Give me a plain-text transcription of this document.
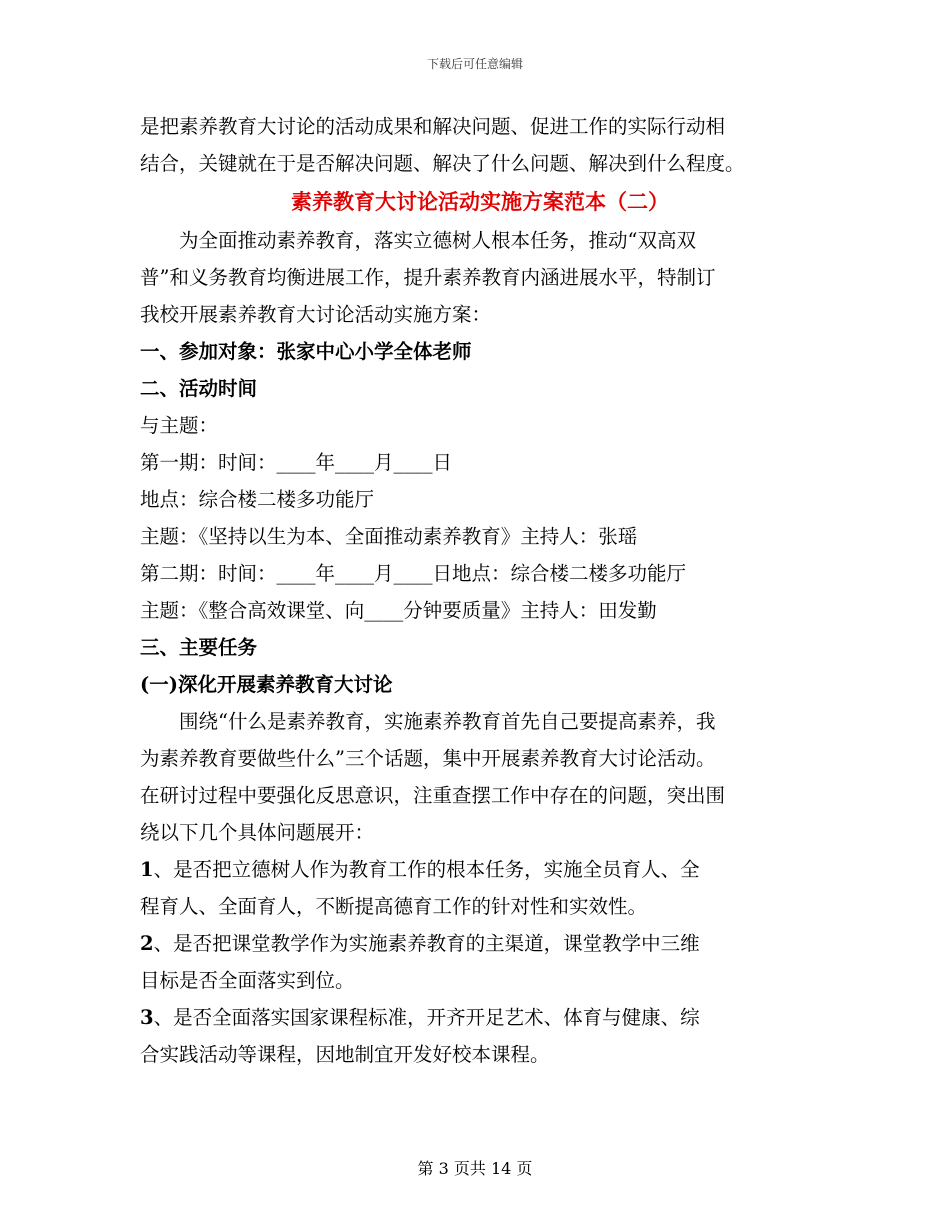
下载后可任意编辑

是把素养教育大讨论的活动成果和解决问题、促进工作的实际行动相

结合，关键就在于是否解决问题、解决了什么问题、解决到什么程度。

素养教育大讨论活动实施方案范本（二）

为全面推动素养教育，落实立德树人根本任务，推动“双高双

普”和义务教育均衡进展工作，提升素养教育内涵进展水平，特制订

我校开展素养教育大讨论活动实施方案：

一、参加对象：张家中心小学全体老师

二、活动时间

与主题：

第一期：时间：____年____月____日

地点：综合楼二楼多功能厅

主题：《坚持以生为本、全面推动素养教育》主持人：张瑶

第二期：时间：____年____月____日地点：综合楼二楼多功能厅

主题：《整合高效课堂、向____分钟要质量》主持人：田发勤

三、主要任务

(一)深化开展素养教育大讨论

围绕“什么是素养教育，实施素养教育首先自己要提高素养，我

为素养教育要做些什么”三个话题，集中开展素养教育大讨论活动。

在研讨过程中要强化反思意识，注重查摆工作中存在的问题，突出围

绕以下几个具体问题展开：

1、是否把立德树人作为教育工作的根本任务，实施全员育人、全

程育人、全面育人，不断提高德育工作的针对性和实效性。

2、是否把课堂教学作为实施素养教育的主渠道，课堂教学中三维

目标是否全面落实到位。

3、是否全面落实国家课程标准，开齐开足艺术、体育与健康、综

合实践活动等课程，因地制宜开发好校本课程。

第 3 页共 14 页
